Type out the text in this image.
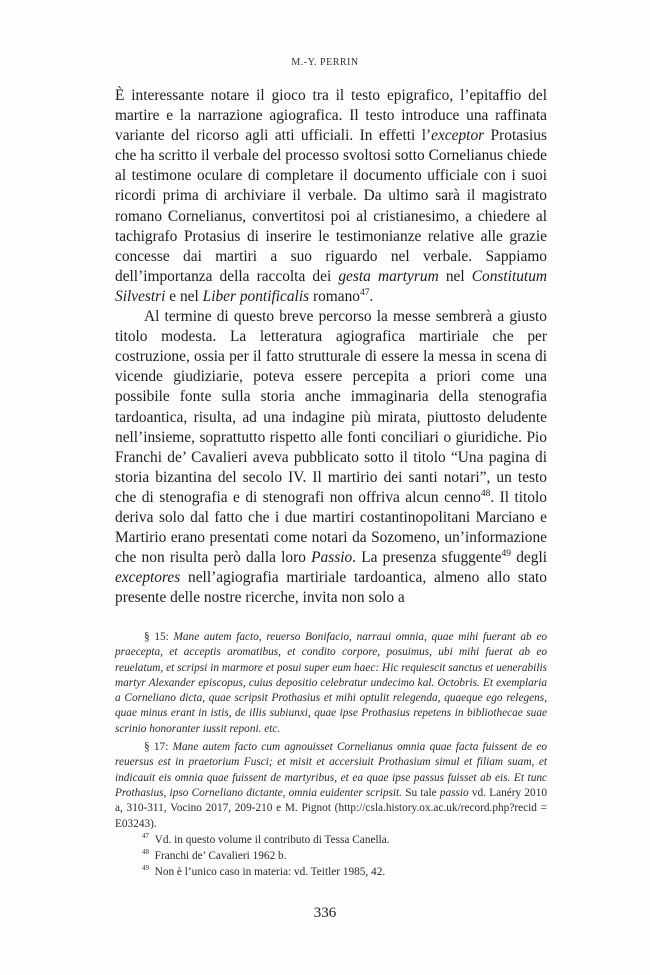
M.-Y. PERRIN

È interessante notare il gioco tra il testo epigrafico, l’epitaffio del martire e la narrazione agiografica. Il testo introduce una raffinata variante del ricorso agli atti ufficiali. In effetti l’exceptor Protasius che ha scritto il verbale del processo svoltosi sotto Cornelianus chiede al testimone oculare di completare il documento ufficiale con i suoi ricordi prima di archiviare il verbale. Da ultimo sarà il magistrato romano Cornelianus, convertitosi poi al cristianesimo, a chiedere al tachigrafo Protasius di inserire le testimonianze relative alle grazie concesse dai martiri a suo riguardo nel verbale. Sappiamo dell’importanza della raccolta dei gesta martyrum nel Constitutum Silvestri e nel Liber pontificalis romano$^{47}$.

Al termine di questo breve percorso la messe sembrerà a giusto titolo modesta. La letteratura agiografica martiriale che per costruzione, ossia per il fatto strutturale di essere la messa in scena di vicende giudiziarie, poteva essere percepita a priori come una possibile fonte sulla storia anche immaginaria della stenografia tardoantica, risulta, ad una indagine più mirata, piuttosto deludente nell’insieme, soprattutto rispetto alle fonti conciliari o giuridiche. Pio Franchi de’ Cavalieri aveva pubblicato sotto il titolo “Una pagina di storia bizantina del secolo IV. Il martirio dei santi notari”, un testo che di stenografia e di stenografi non offriva alcun cenno$^{48}$. Il titolo deriva solo dal fatto che i due martiri costantinopolitani Marciano e Martirio erano presentati come notari da Sozomeno, un’informazione che non risulta però dalla loro Passio. La presenza sfuggente$^{49}$ degli exceptores nell’agiografia martiriale tardoantica, almeno allo stato presente delle nostre ricerche, invita non solo a

§ 15: Mane autem facto, reuerso Bonifacio, narraui omnia, quae mihi fuerant ab eo praecepta, et acceptis aromatibus, et condito corpore, posuimus, ubi mihi fuerat ab eo reuelatum, et scripsi in marmore et posui super eum haec: Hic requiescit sanctus et uenerabilis martyr Alexander episcopus, cuius depositio celebratur undecimo kal. Octobris. Et exemplaria a Corneliano dicta, quae scripsit Prothasius et mihi optulit relegenda, quaeque ego relegens, quae minus erant in istis, de illis subiunxi, quae ipse Prothasius repetens in bibliothecae suae scrinio honoranter iussit reponi. etc.

§ 17: Mane autem facto cum agnouisset Cornelianus omnia quae facta fuissent de eo reuersus est in praetorium Fusci; et misit et accersiuit Prothasium simul et filiam suam, et indicauit eis omnia quae fuissent de martyribus, et ea quae ipse passus fuisset ab eis. Et tunc Prothasius, ipso Corneliano dictante, omnia euidenter scripsit. Su tale passio vd. Lanéry 2010 a, 310-311, Vocino 2017, 209-210 e M. Pignot (http://csla.history.ox.ac.uk/record.php?recid = E03243).

$^{47}$ Vd. in questo volume il contributo di Tessa Canella.

$^{48}$ Franchi de’ Cavalieri 1962 b.

$^{49}$ Non è l’unico caso in materia: vd. Teitler 1985, 42.

336
